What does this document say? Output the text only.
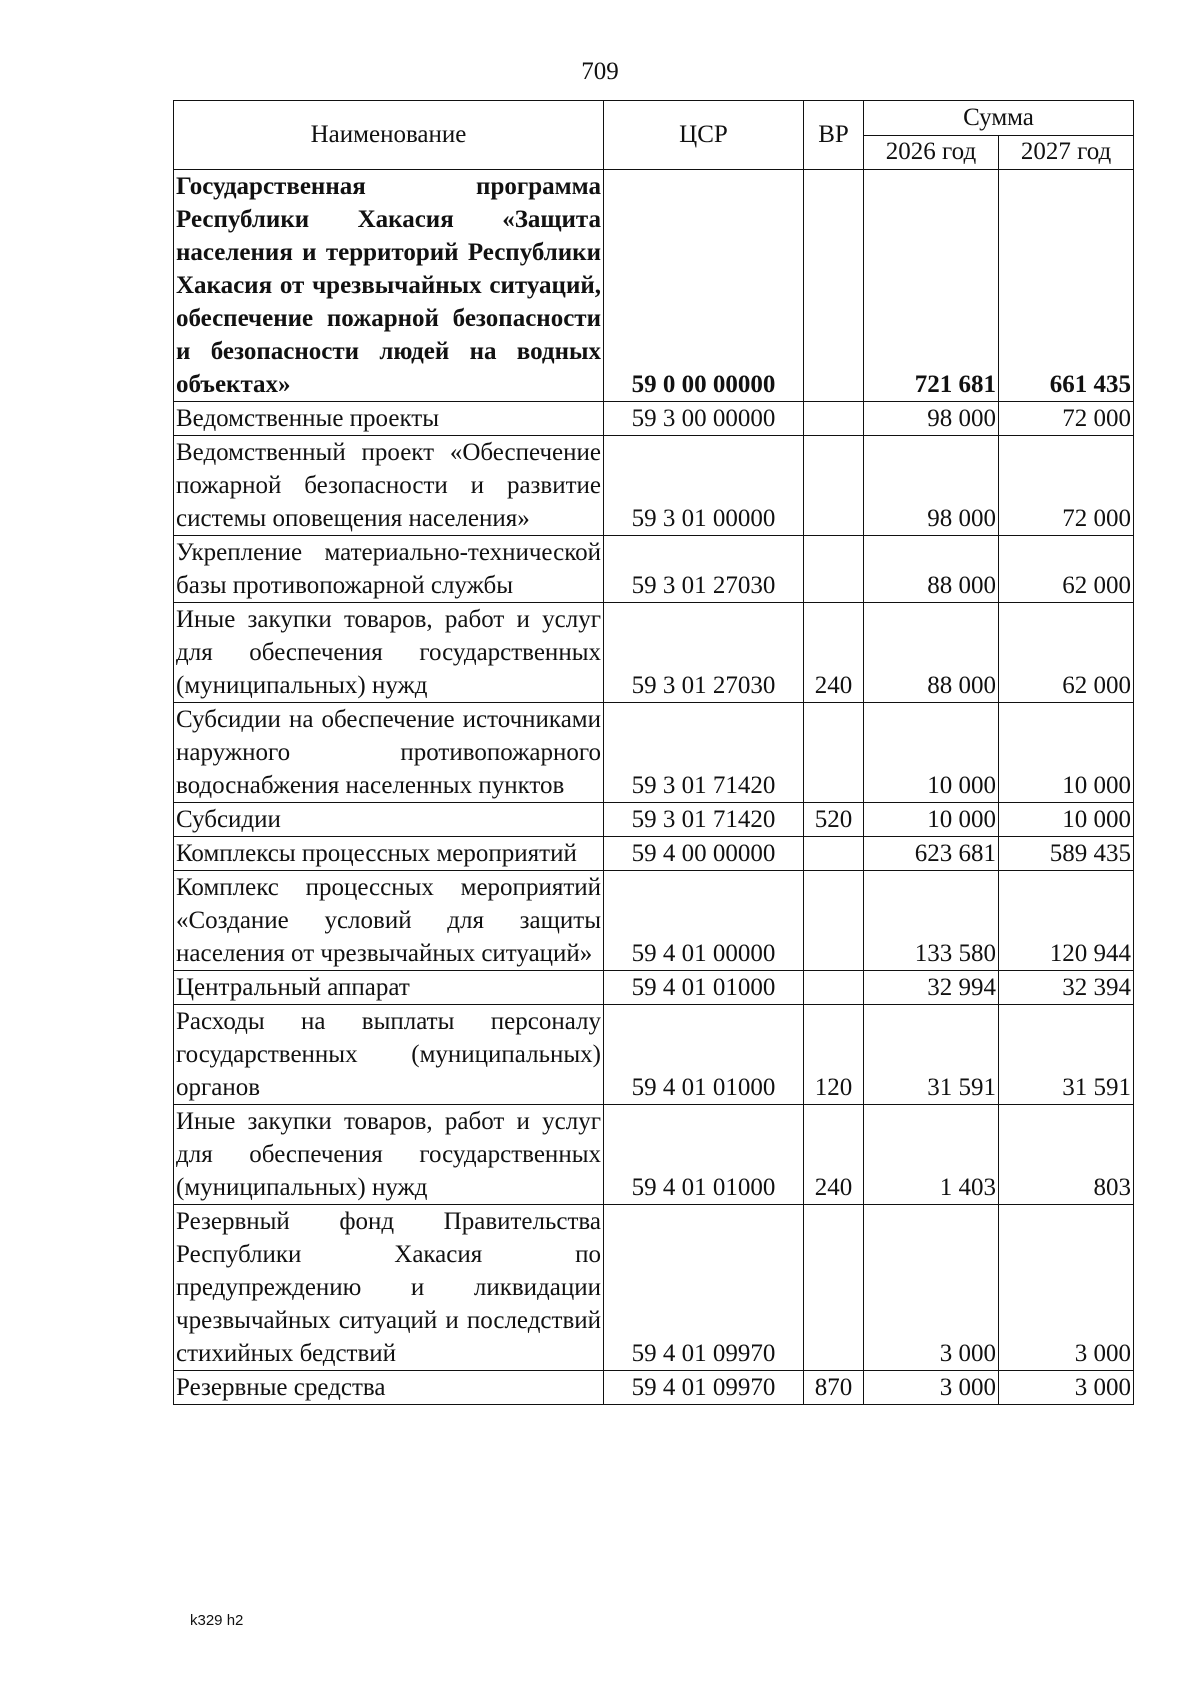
709
Наименование	ЦСР	ВР	Сумма	
			2026 год	2027 год
Государственная программа Республики Хакасия «Защита населения и территорий Республики Хакасия от чрезвычайных ситуаций, обеспечение пожарной безопасности и безопасности людей на водных объектах»	59 0 00 00000		721 681	661 435
Ведомственные проекты	59 3 00 00000		98 000	72 000
Ведомственный проект «Обеспечение пожарной безопасности и развитие системы оповещения населения»	59 3 01 00000		98 000	72 000
Укрепление материально-технической базы противопожарной службы	59 3 01 27030		88 000	62 000
Иные закупки товаров, работ и услуг для обеспечения государственных (муниципальных) нужд	59 3 01 27030	240	88 000	62 000
Субсидии на обеспечение источниками наружного противопожарного водоснабжения населенных пунктов	59 3 01 71420		10 000	10 000
Субсидии	59 3 01 71420	520	10 000	10 000
Комплексы процессных мероприятий	59 4 00 00000		623 681	589 435
Комплекс процессных мероприятий «Создание условий для защиты населения от чрезвычайных ситуаций»	59 4 01 00000		133 580	120 944
Центральный аппарат	59 4 01 01000		32 994	32 394
Расходы на выплаты персоналу государственных (муниципальных) органов	59 4 01 01000	120	31 591	31 591
Иные закупки товаров, работ и услуг для обеспечения государственных (муниципальных) нужд	59 4 01 01000	240	1 403	803
Резервный фонд Правительства Республики Хакасия по предупреждению и ликвидации чрезвычайных ситуаций и последствий стихийных бедствий	59 4 01 09970		3 000	3 000
Резервные средства	59 4 01 09970	870	3 000	3 000
k329 h2
